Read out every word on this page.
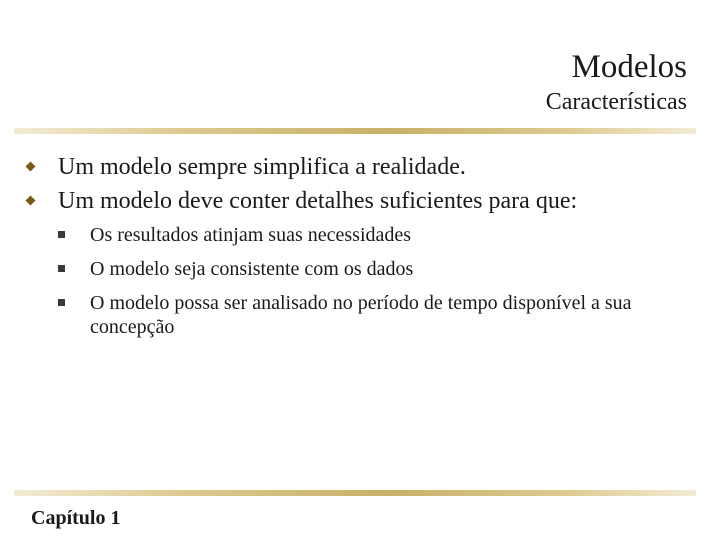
Modelos
Características
Um modelo sempre simplifica a realidade.
Um modelo deve conter detalhes suficientes para que:
Os resultados atinjam suas necessidades
O modelo seja consistente com os dados
O modelo possa ser analisado no período de tempo disponível a sua concepção
Capítulo 1
